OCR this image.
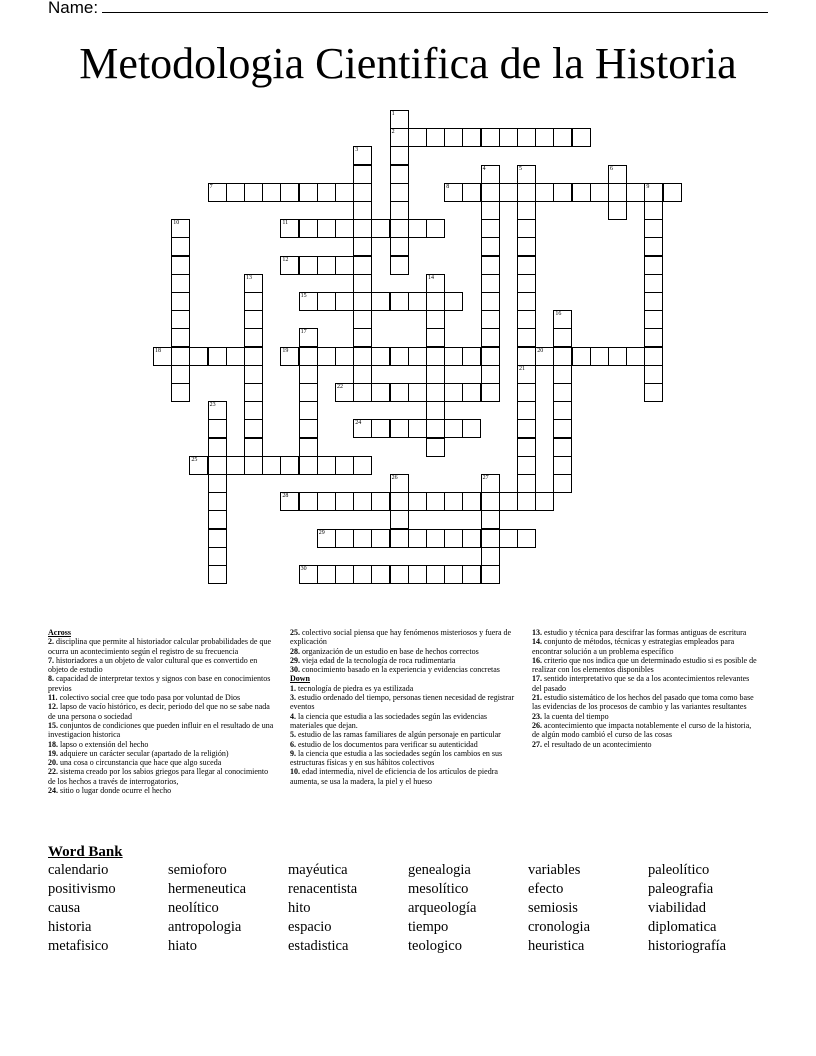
Name:
Metodologia Cientifica de la Historia
2
7	8	9
11
12
15
18	19	20
22
24
25
28
29
30
1
3
4	5	6
10
13	14
16
17
21
23
26	27

Across

2. disciplina que permite al historiador calcular probabilidades de que ocurra un acontecimiento según el registro de su frecuencia

7. historiadores a un objeto de valor cultural que es convertido en objeto de estudio

8. capacidad de interpretar textos y signos con base en conocimientos previos

11. colectivo social cree que todo pasa por voluntad de Dios

12. lapso de vacío histórico, es decir, periodo del que no se sabe nada de una persona o sociedad

15. conjuntos de condiciones que pueden influir en el resultado de una investigacion historica

18. lapso o extensión del hecho

19. adquiere un carácter secular (apartado de la religión)

20. una cosa o circunstancia que hace que algo suceda

22. sistema creado por los sabios griegos para llegar al conocimiento de los hechos a través de interrogatorios,

24. sitio o lugar donde ocurre el hecho

25. colectivo social piensa que hay fenómenos misteriosos y fuera de explicación

28. organización de un estudio en base de hechos correctos

29. vieja edad de la tecnología de roca rudimentaria

30. conocimiento basado en la experiencia y evidencias concretas

Down

1. tecnología de piedra es ya estilizada

3. estudio ordenado del tiempo, personas tienen necesidad de registrar eventos

4. la ciencia que estudia a las sociedades según las evidencias materiales que dejan.

5. estudio de las ramas familiares de algún personaje en particular

6. estudio de los documentos para verificar su autenticidad

9. la ciencia que estudia a las sociedades según los cambios en sus estructuras físicas y en sus hábitos colectivos

10. edad intermedia, nivel de eficiencia de los artículos de piedra aumenta, se usa la madera, la piel y el hueso

13. estudio y técnica para descifrar las formas antiguas de escritura

14. conjunto de métodos, técnicas y estrategias empleados para encontrar solución a un problema específico

16. criterio que nos indica que un determinado estudio si es posible de realizar con los elementos disponibles

17. sentido interpretativo que se da a los acontecimientos relevantes del pasado

21. estudio sistemático de los hechos del pasado que toma como base las evidencias de los procesos de cambio y las variantes resultantes

23. la cuenta del tiempo

26. acontecimiento que impacta notablemente el curso de la historia, de algún modo cambió el curso de las cosas

27. el resultado de un acontecimiento

Word Bank
calendario
positivismo
causa
historia
metafisico
semioforo
hermeneutica
neolítico
antropologia
hiato
mayéutica
renacentista
hito
espacio
estadistica
genealogia
mesolítico
arqueología
tiempo
teologico
variables
efecto
semiosis
cronologia
heuristica
paleolítico
paleografia
viabilidad
diplomatica
historiografía
